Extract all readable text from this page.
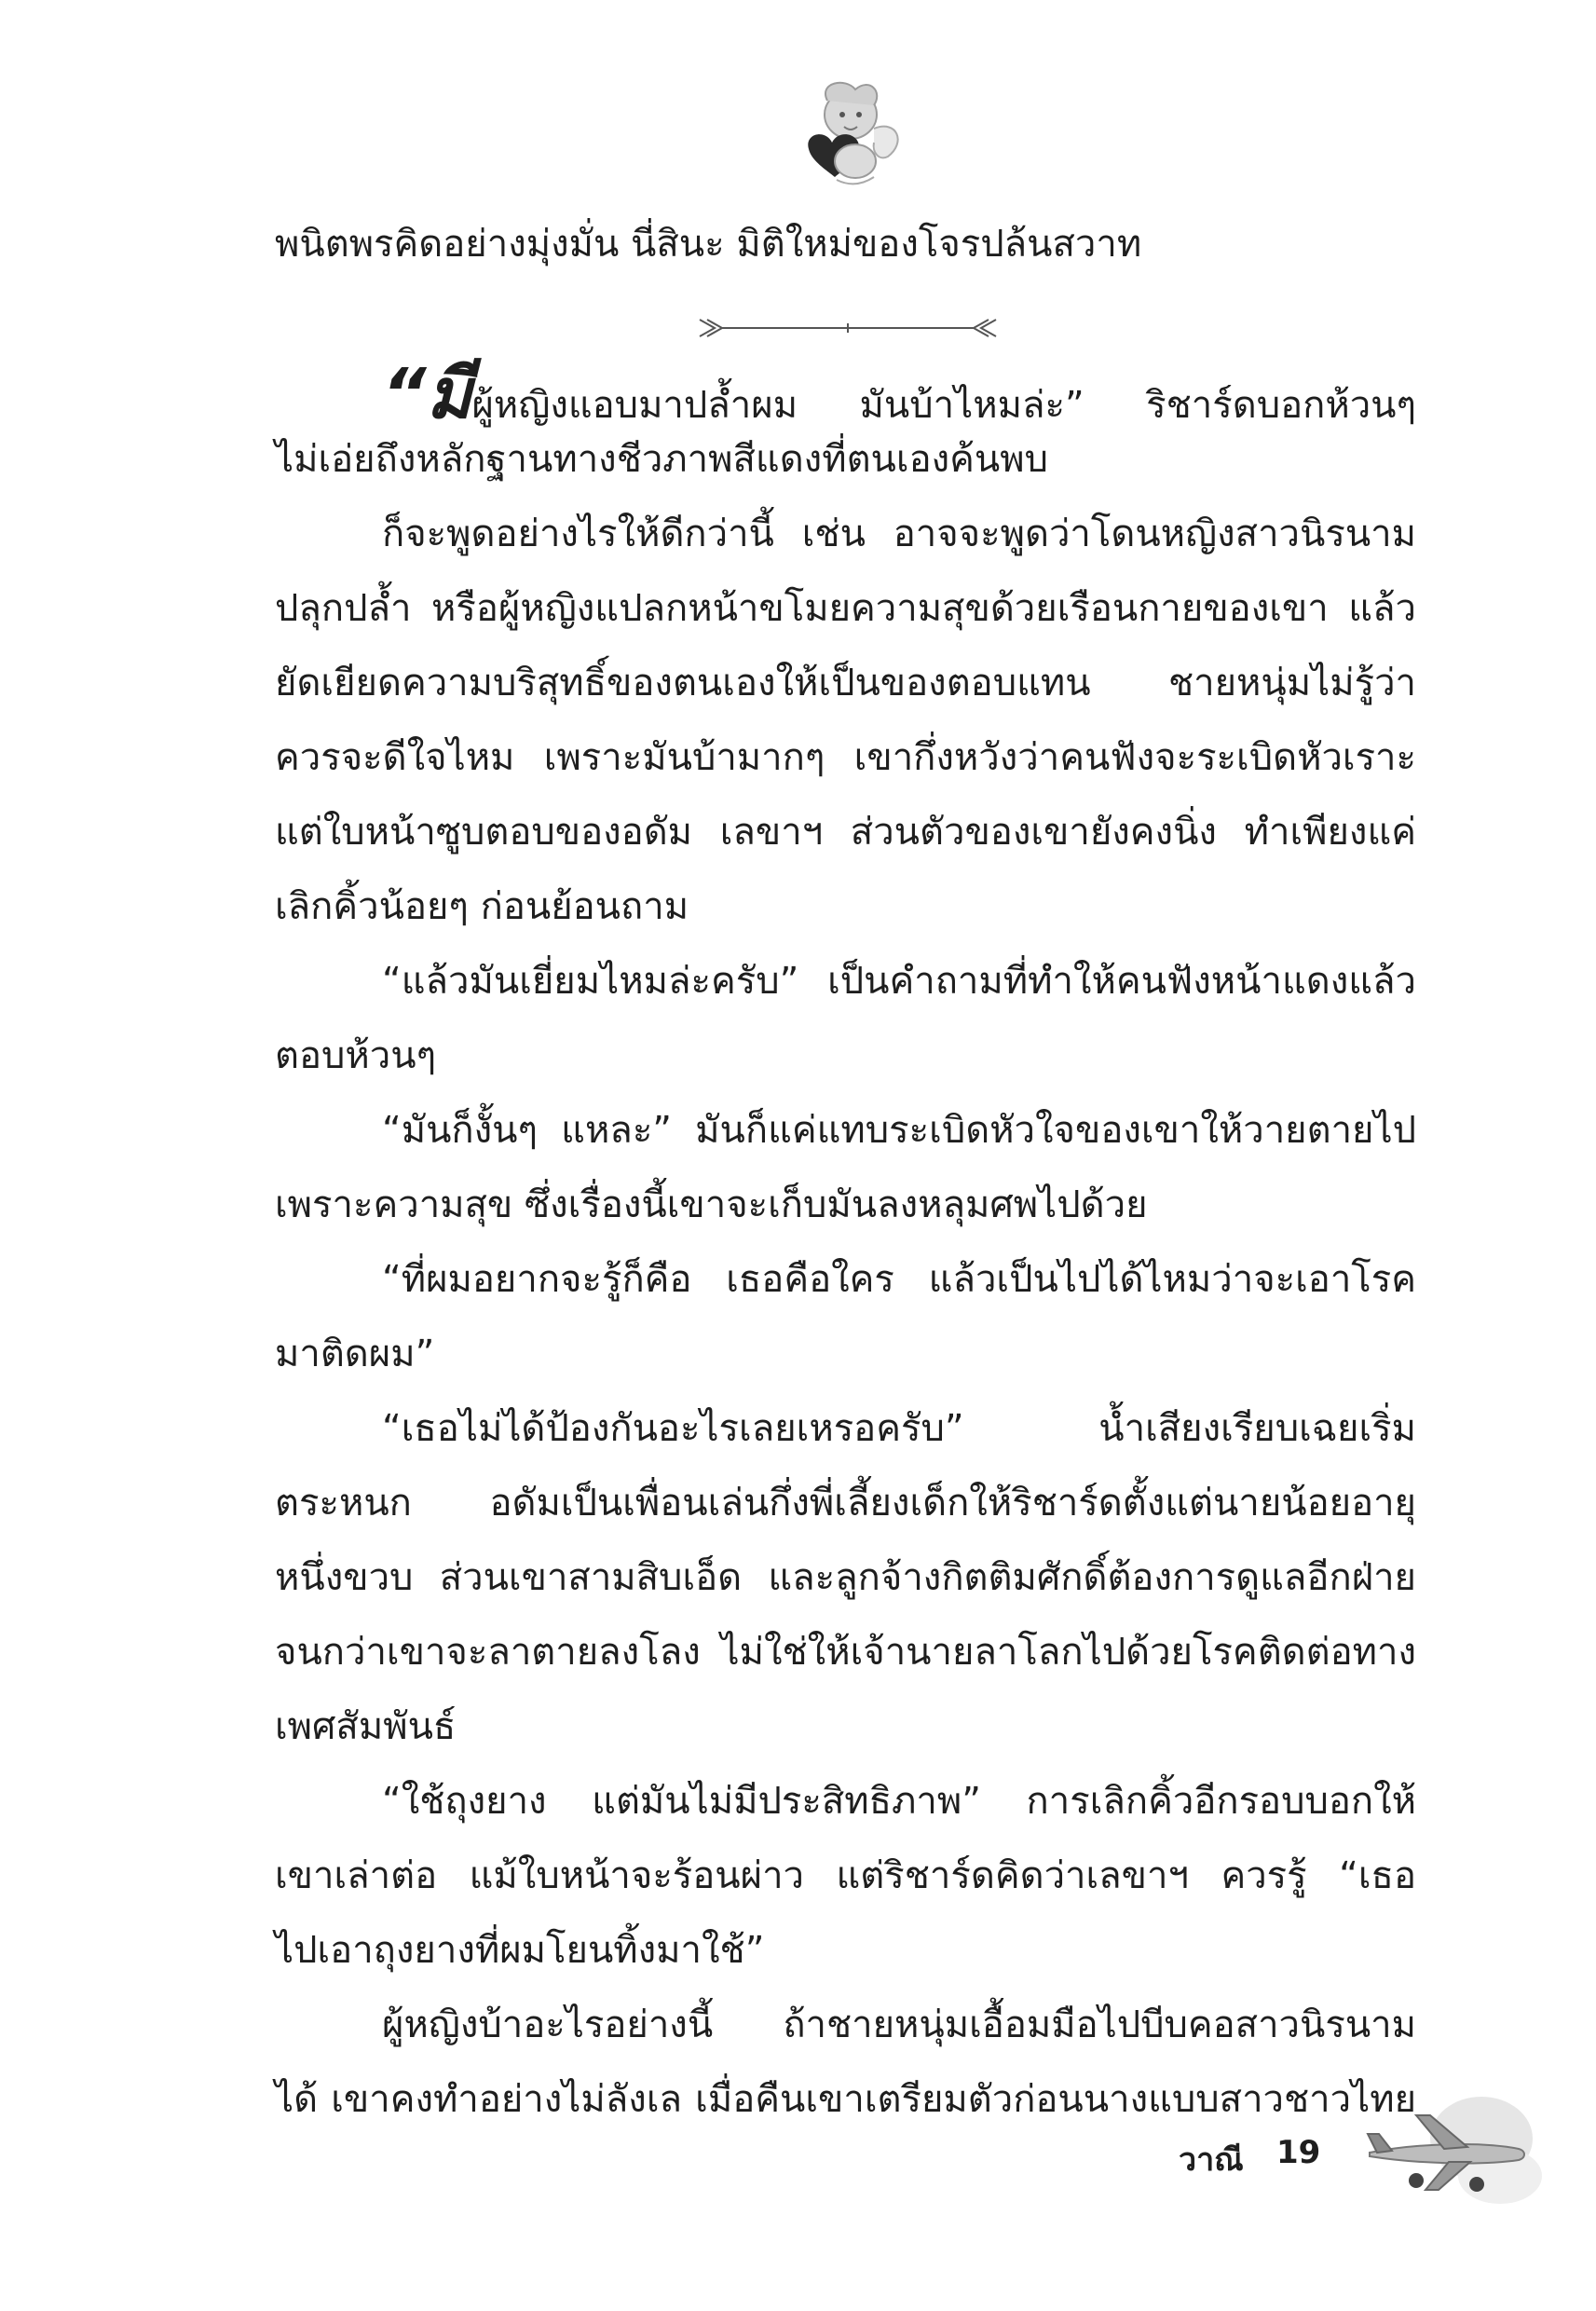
พนิตพรคิดอย่างมุ่งมั่น นี่สินะ มิติใหม่ของโจรปล้นสวาท
“มีผู้หญิงแอบมาปล้ำผม มันบ้าไหมล่ะ” ริชาร์ดบอกห้วนๆ
ไม่เอ่ยถึงหลักฐานทางชีวภาพสีแดงที่ตนเองค้นพบ
ก็จะพูดอย่างไรให้ดีกว่านี้ เช่น อาจจะพูดว่าโดนหญิงสาวนิรนาม
ปลุกปล้ำ หรือผู้หญิงแปลกหน้าขโมยความสุขด้วยเรือนกายของเขา แล้ว
ยัดเยียดความบริสุทธิ์ของตนเองให้เป็นของตอบแทน ชายหนุ่มไม่รู้ว่า
ควรจะดีใจไหม เพราะมันบ้ามากๆ เขากึ่งหวังว่าคนฟังจะระเบิดหัวเราะ
แต่ใบหน้าซูบตอบของอดัม เลขาฯ ส่วนตัวของเขายังคงนิ่ง ทำเพียงแค่
เลิกคิ้วน้อยๆ ก่อนย้อนถาม
“แล้วมันเยี่ยมไหมล่ะครับ” เป็นคำถามที่ทำให้คนฟังหน้าแดงแล้ว
ตอบห้วนๆ
“มันก็งั้นๆ แหละ” มันก็แค่แทบระเบิดหัวใจของเขาให้วายตายไป
เพราะความสุข ซึ่งเรื่องนี้เขาจะเก็บมันลงหลุมศพไปด้วย
“ที่ผมอยากจะรู้ก็คือ เธอคือใคร แล้วเป็นไปได้ไหมว่าจะเอาโรค
มาติดผม”
“เธอไม่ได้ป้องกันอะไรเลยเหรอครับ” น้ำเสียงเรียบเฉยเริ่ม
ตระหนก อดัมเป็นเพื่อนเล่นกึ่งพี่เลี้ยงเด็กให้ริชาร์ดตั้งแต่นายน้อยอายุ
หนึ่งขวบ ส่วนเขาสามสิบเอ็ด และลูกจ้างกิตติมศักดิ์ต้องการดูแลอีกฝ่าย
จนกว่าเขาจะลาตายลงโลง ไม่ใช่ให้เจ้านายลาโลกไปด้วยโรคติดต่อทาง
เพศสัมพันธ์
“ใช้ถุงยาง แต่มันไม่มีประสิทธิภาพ” การเลิกคิ้วอีกรอบบอกให้
เขาเล่าต่อ แม้ใบหน้าจะร้อนผ่าว แต่ริชาร์ดคิดว่าเลขาฯ ควรรู้ “เธอ
ไปเอาถุงยางที่ผมโยนทิ้งมาใช้”
ผู้หญิงบ้าอะไรอย่างนี้ ถ้าชายหนุ่มเอื้อมมือไปบีบคอสาวนิรนาม
ได้ เขาคงทำอย่างไม่ลังเล เมื่อคืนเขาเตรียมตัวก่อนนางแบบสาวชาวไทย
วาณี 19
